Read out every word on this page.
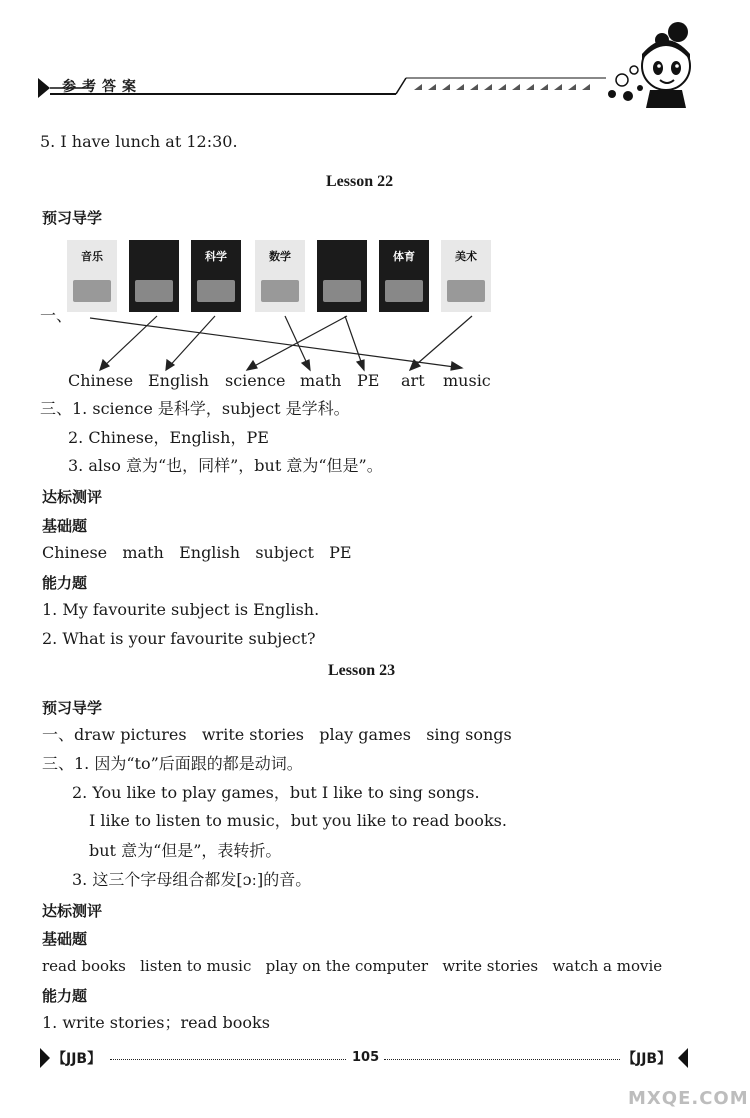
参考答案
5. I have lunch at 12:30.
Lesson 22
预习导学
音乐	科学	数学	体育	美术
一、
Chinese English science math PE art music
三、1. science 是科学，subject 是学科。
2. Chinese，English，PE
3. also 意为“也，同样”，but 意为“但是”。
达标测评
基础题
Chinese   math   English   subject   PE
能力题
1. My favourite subject is English.
2. What is your favourite subject?
Lesson 23
预习导学
一、draw pictures   write stories   play games   sing songs
三、1. 因为“to”后面跟的都是动词。
2. You like to play games，but I like to sing songs.
I like to listen to music，but you like to read books.
but 意为“但是”，表转折。
3. 这三个字母组合都发[ɔː]的音。
达标测评
基础题
read books   listen to music   play on the computer   write stories   watch a movie
能力题
1. write stories；read books
【JJB】	105	【JJB】
MXQE.COM
